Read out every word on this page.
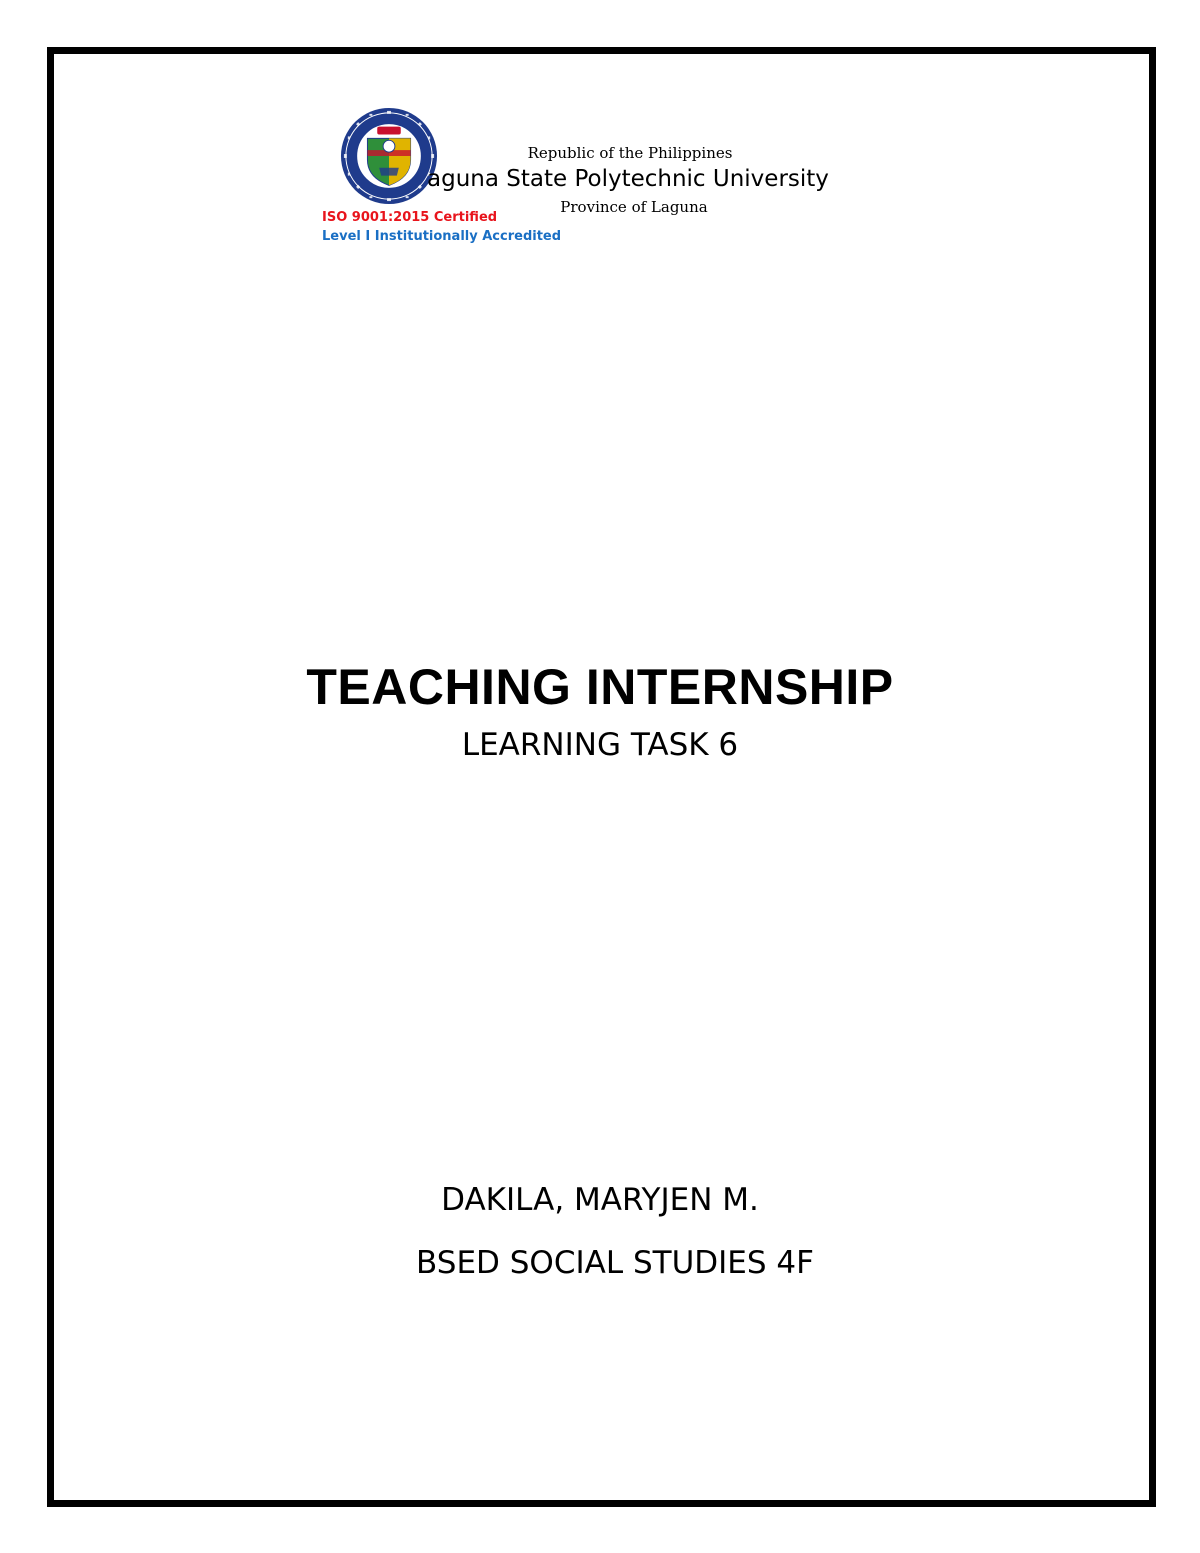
Republic of the Philippines
aguna State Polytechnic University
Province of Laguna
ISO 9001:2015 Certified
Level I Institutionally Accredited
TEACHING INTERNSHIP
LEARNING TASK 6
DAKILA, MARYJEN M.
BSED SOCIAL STUDIES 4F
